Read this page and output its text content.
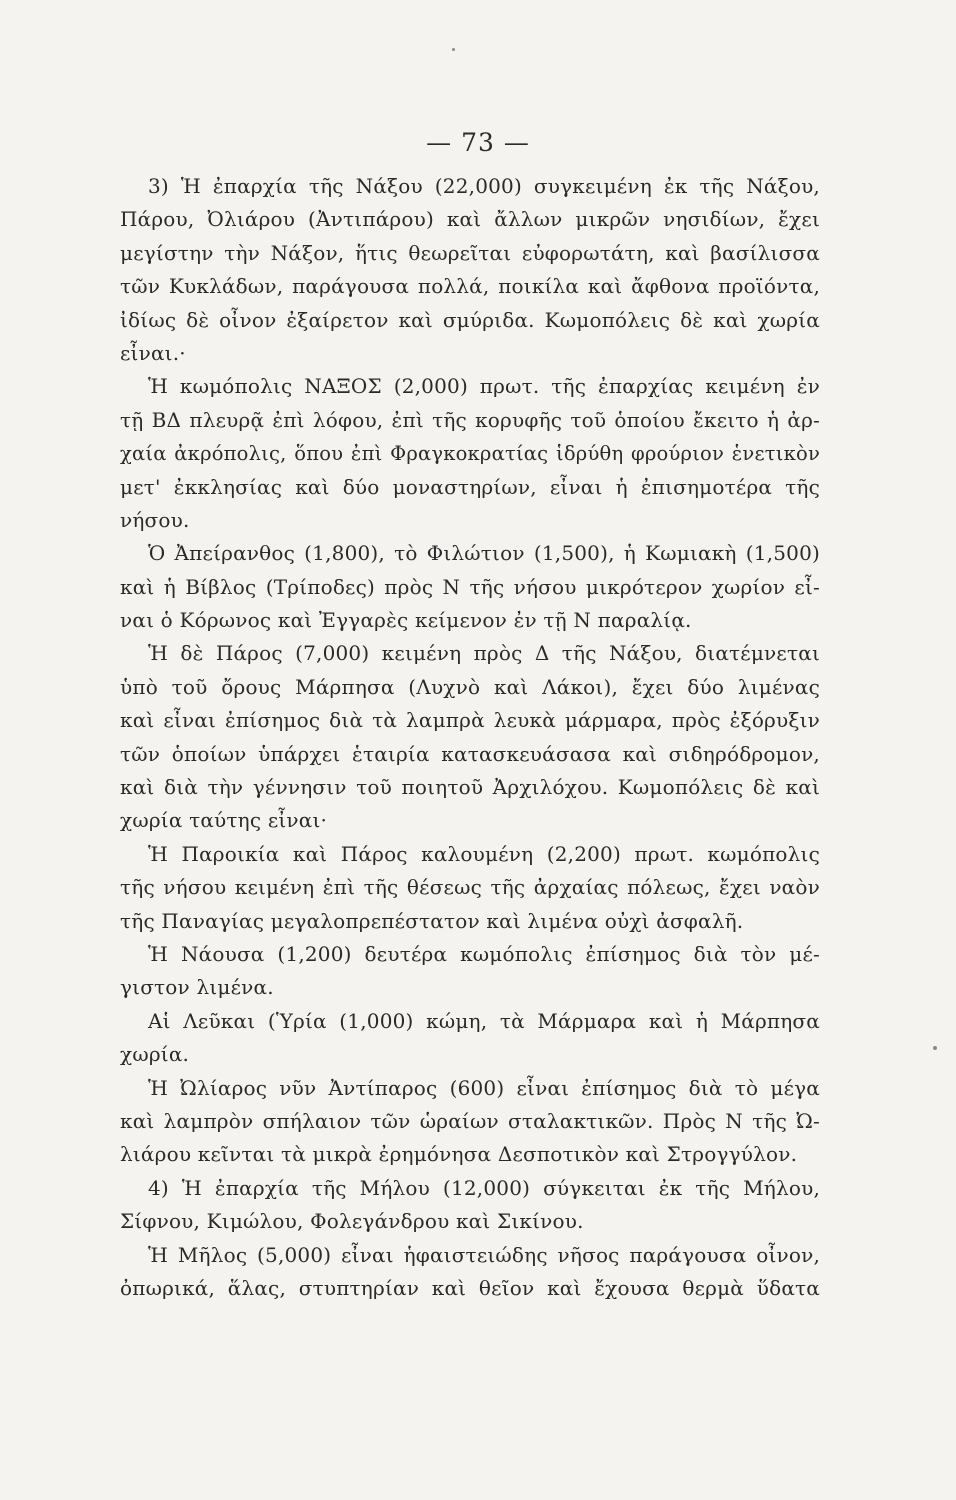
— 73 —
3) Ἡ ἐπαρχία τῆς Νάξου (22,000) συγκειμένη ἐκ τῆς Νάξου,
Πάρου, Ὀλιάρου (Ἀντιπάρου) καὶ ἄλλων μικρῶν νησιδίων, ἔχει
μεγίστην τὴν Νάξον, ἥτις θεωρεῖται εὐφορωτάτη, καὶ βασίλισσα
τῶν Κυκλάδων, παράγουσα πολλά, ποικίλα καὶ ἄφθονα προϊόντα,
ἰδίως δὲ οἶνον ἐξαίρετον καὶ σμύριδα. Κωμοπόλεις δὲ καὶ χωρία
εἶναι.·
Ἡ κωμόπολις ΝΑΞΟΣ (2,000) πρωτ. τῆς ἐπαρχίας κειμένη ἐν
τῇ ΒΔ πλευρᾷ ἐπὶ λόφου, ἐπὶ τῆς κορυφῆς τοῦ ὁποίου ἔκειτο ἡ ἀρ-
χαία ἀκρόπολις, ὅπου ἐπὶ Φραγκοκρατίας ἱδρύθη φρούριον ἑνετικὸν
μετ' ἐκκλησίας καὶ δύο μοναστηρίων, εἶναι ἡ ἐπισημοτέρα τῆς
νήσου.
Ὁ Ἀπείρανθος (1,800), τὸ Φιλώτιον (1,500), ἡ Κωμιακὴ (1,500)
καὶ ἡ Βίβλος (Τρίποδες) πρὸς Ν τῆς νήσου μικρότερον χωρίον εἶ-
ναι ὁ Κόρωνος καὶ Ἐγγαρὲς κείμενον ἐν τῇ Ν παραλίᾳ.
Ἡ δὲ Πάρος (7,000) κειμένη πρὸς Δ τῆς Νάξου, διατέμνεται
ὑπὸ τοῦ ὄρους Μάρπησα (Λυχνὸ καὶ Λάκοι), ἔχει δύο λιμένας
καὶ εἶναι ἐπίσημος διὰ τὰ λαμπρὰ λευκὰ μάρμαρα, πρὸς ἐξόρυξιν
τῶν ὁποίων ὑπάρχει ἑταιρία κατασκευάσασα καὶ σιδηρόδρομον,
καὶ διὰ τὴν γέννησιν τοῦ ποιητοῦ Ἀρχιλόχου. Κωμοπόλεις δὲ καὶ
χωρία ταύτης εἶναι·
Ἡ Παροικία καὶ Πάρος καλουμένη (2,200) πρωτ. κωμόπολις
τῆς νήσου κειμένη ἐπὶ τῆς θέσεως τῆς ἀρχαίας πόλεως, ἔχει ναὸν
τῆς Παναγίας μεγαλοπρεπέστατον καὶ λιμένα οὐχὶ ἀσφαλῆ.
Ἡ Νάουσα (1,200) δευτέρα κωμόπολις ἐπίσημος διὰ τὸν μέ-
γιστον λιμένα.
Αἱ Λεῦκαι (Ὑρία (1,000) κώμη, τὰ Μάρμαρα καὶ ἡ Μάρπησα
χωρία.
Ἡ Ὠλίαρος νῦν Ἀντίπαρος (600) εἶναι ἐπίσημος διὰ τὸ μέγα
καὶ λαμπρὸν σπήλαιον τῶν ὡραίων σταλακτικῶν. Πρὸς Ν τῆς Ὠ-
λιάρου κεῖνται τὰ μικρὰ ἐρημόνησα Δεσποτικὸν καὶ Στρογγύλον.
4) Ἡ ἐπαρχία τῆς Μήλου (12,000) σύγκειται ἐκ τῆς Μήλου,
Σίφνου, Κιμώλου, Φολεγάνδρου καὶ Σικίνου.
Ἡ Μῆλος (5,000) εἶναι ἡφαιστειώδης νῆσος παράγουσα οἶνον,
ὀπωρικά, ἅλας, στυπτηρίαν καὶ θεῖον καὶ ἔχουσα θερμὰ ὕδατα
